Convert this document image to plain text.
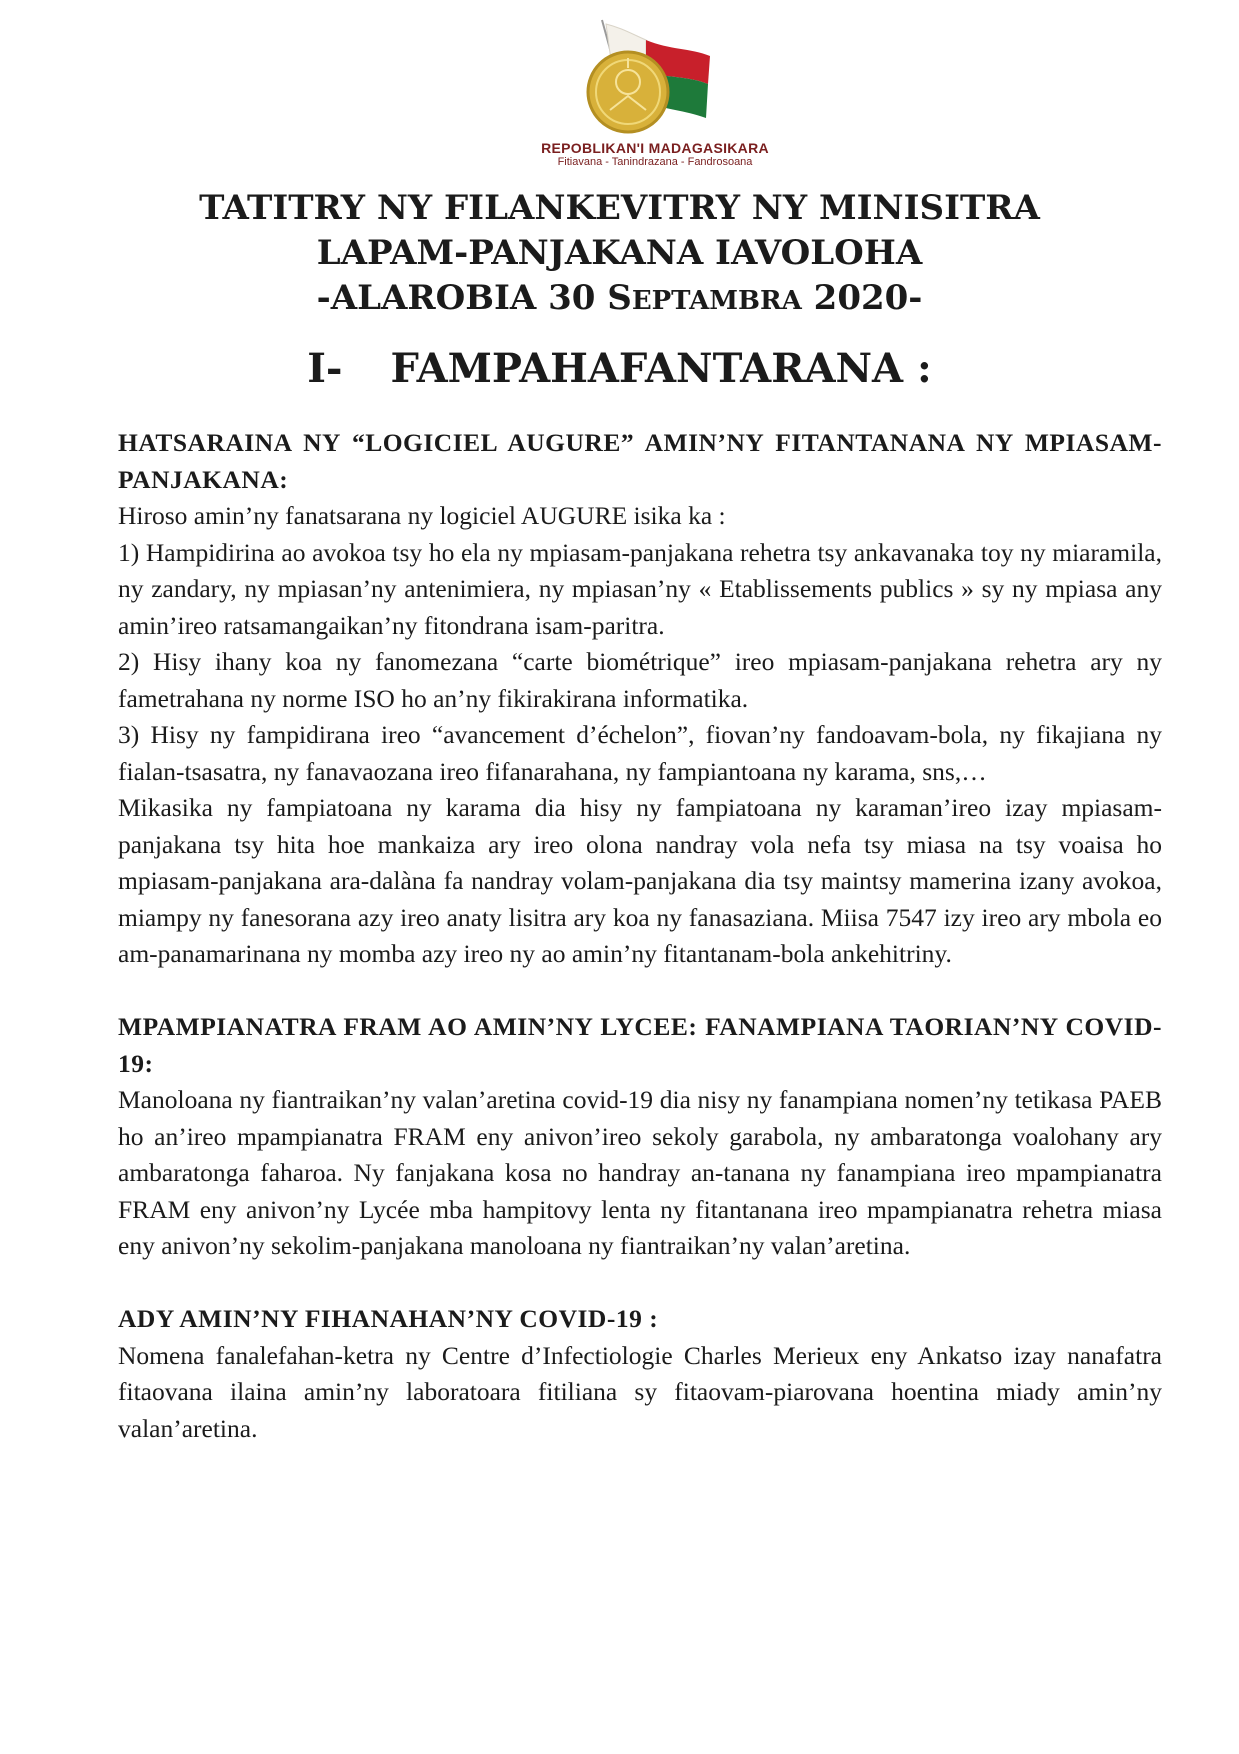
REPOBLIKAN'I MADAGASIKARA
Fitiavana - Tanindrazana - Fandrosoana
TATITRY NY FILANKEVITRY NY MINISITRA
LAPAM-PANJAKANA IAVOLOHA
-ALAROBIA 30 SEPTAMBRA 2020-
I- FAMPAHAFANTARANA :
HATSARAINA NY “LOGICIEL AUGURE” AMIN’NY FITANTANANA NY MPIASAM-PANJAKANA:

Hiroso amin’ny fanatsarana ny logiciel AUGURE isika ka :

1) Hampidirina ao avokoa tsy ho ela ny mpiasam-panjakana rehetra tsy ankavanaka toy ny miaramila, ny zandary, ny mpiasan’ny antenimiera, ny mpiasan’ny « Etablissements publics » sy ny mpiasa any amin’ireo ratsamangaikan’ny fitondrana isam-paritra.

2) Hisy ihany koa ny fanomezana “carte biométrique” ireo mpiasam-panjakana rehetra ary ny fametrahana ny norme ISO ho an’ny fikirakirana informatika.

3) Hisy ny fampidirana ireo “avancement d’échelon”, fiovan’ny fandoavam-bola, ny fikajiana ny fialan-tsasatra, ny fanavaozana ireo fifanarahana, ny fampiantoana ny karama, sns,…

Mikasika ny fampiatoana ny karama dia hisy ny fampiatoana ny karaman’ireo izay mpiasam-panjakana tsy hita hoe mankaiza ary ireo olona nandray vola nefa tsy miasa na tsy voaisa ho mpiasam-panjakana ara-dalàna fa nandray volam-panjakana dia tsy maintsy mamerina izany avokoa, miampy ny fanesorana azy ireo anaty lisitra ary koa ny fanasaziana. Miisa 7547 izy ireo ary mbola eo am-panamarinana ny momba azy ireo ny ao amin’ny fitantanam-bola ankehitriny.

MPAMPIANATRA FRAM AO AMIN’NY LYCEE: FANAMPIANA TAORIAN’NY COVID-19:

Manoloana ny fiantraikan’ny valan’aretina covid-19 dia nisy ny fanampiana nomen’ny tetikasa PAEB ho an’ireo mpampianatra FRAM eny anivon’ireo sekoly garabola, ny ambaratonga voalohany ary ambaratonga faharoa. Ny fanjakana kosa no handray an-tanana ny fanampiana ireo mpampianatra FRAM eny anivon’ny Lycée mba hampitovy lenta ny fitantanana ireo mpampianatra rehetra miasa eny anivon’ny sekolim-panjakana manoloana ny fiantraikan’ny valan’aretina.

ADY AMIN’NY FIHANAHAN’NY COVID-19 :

Nomena fanalefahan-ketra ny Centre d’Infectiologie Charles Merieux eny Ankatso izay nanafatra fitaovana ilaina amin’ny laboratoara fitiliana sy fitaovam-piarovana hoentina miady amin’ny valan’aretina.
